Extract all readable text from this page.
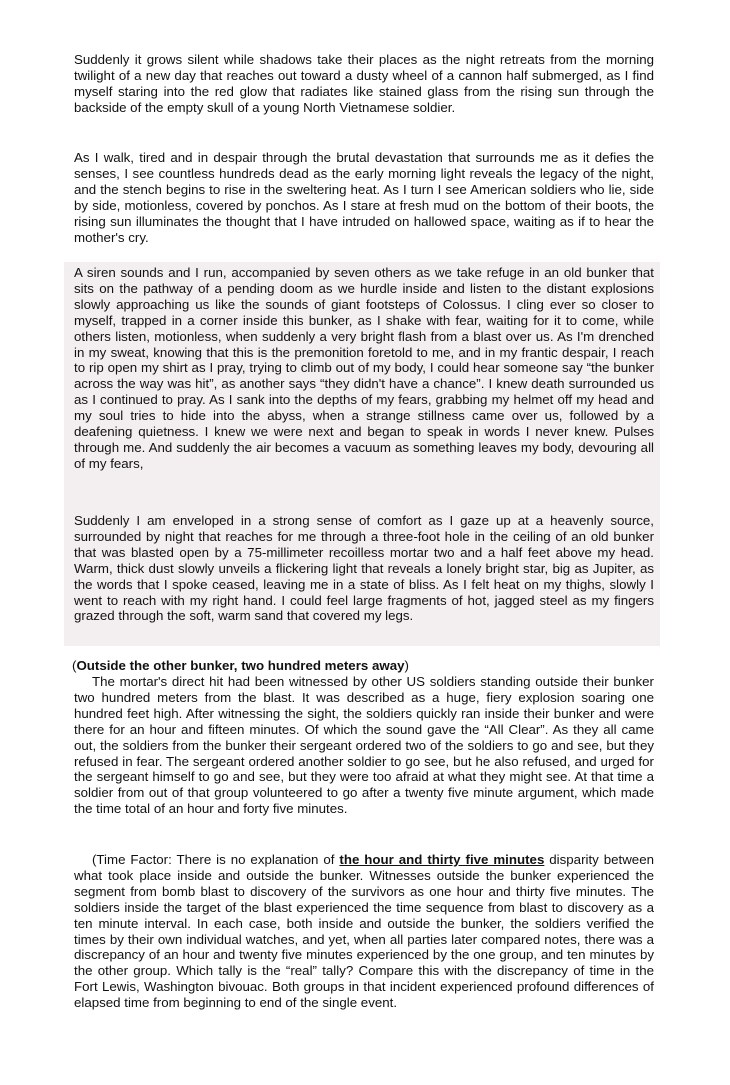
Suddenly it grows silent while shadows take their places as the night retreats from the morning twilight of a new day that reaches out toward a dusty wheel of a cannon half submerged, as I find myself staring into the red glow that radiates like stained glass from the rising sun through the backside of the empty skull of a young North Vietnamese soldier.

As I walk, tired and in despair through the brutal devastation that surrounds me as it defies the senses, I see countless hundreds dead as the early morning light reveals the legacy of the night, and the stench begins to rise in the sweltering heat. As I turn I see American soldiers who lie, side by side, motionless, covered by ponchos. As I stare at fresh mud on the bottom of their boots, the rising sun illuminates the thought that I have intruded on hallowed space, waiting as if to hear the mother's cry.

A siren sounds and I run, accompanied by seven others as we take refuge in an old bunker that sits on the pathway of a pending doom as we hurdle inside and listen to the distant explosions slowly approaching us like the sounds of giant footsteps of Colossus. I cling ever so closer to myself, trapped in a corner inside this bunker, as I shake with fear, waiting for it to come, while others listen, motionless, when suddenly a very bright flash from a blast over us. As I'm drenched in my sweat, knowing that this is the premonition foretold to me, and in my frantic despair, I reach to rip open my shirt as I pray, trying to climb out of my body, I could hear someone say “the bunker across the way was hit”, as another says “they didn't have a chance”. I knew death surrounded us as I continued to pray. As I sank into the depths of my fears, grabbing my helmet off my head and my soul tries to hide into the abyss, when a strange stillness came over us, followed by a deafening quietness. I knew we were next and began to speak in words I never knew. Pulses through me. And suddenly the air becomes a vacuum as something leaves my body, devouring all of my fears,

Suddenly I am enveloped in a strong sense of comfort as I gaze up at a heavenly source, surrounded by night that reaches for me through a three-foot hole in the ceiling of an old bunker that was blasted open by a 75-millimeter recoilless mortar two and a half feet above my head. Warm, thick dust slowly unveils a flickering light that reveals a lonely bright star, big as Jupiter, as the words that I spoke ceased, leaving me in a state of bliss. As I felt heat on my thighs, slowly I went to reach with my right hand. I could feel large fragments of hot, jagged steel as my fingers grazed through the soft, warm sand that covered my legs.

(Outside the other bunker, two hundred meters away)

The mortar's direct hit had been witnessed by other US soldiers standing outside their bunker two hundred meters from the blast. It was described as a huge, fiery explosion soaring one hundred feet high. After witnessing the sight, the soldiers quickly ran inside their bunker and were there for an hour and fifteen minutes. Of which the sound gave the “All Clear”. As they all came out, the soldiers from the bunker their sergeant ordered two of the soldiers to go and see, but they refused in fear. The sergeant ordered another soldier to go see, but he also refused, and urged for the sergeant himself to go and see, but they were too afraid at what they might see. At that time a soldier from out of that group volunteered to go after a twenty five minute argument, which made the time total of an hour and forty five minutes.

(Time Factor: There is no explanation of the hour and thirty five minutes disparity between what took place inside and outside the bunker. Witnesses outside the bunker experienced the segment from bomb blast to discovery of the survivors as one hour and thirty five minutes. The soldiers inside the target of the blast experienced the time sequence from blast to discovery as a ten minute interval. In each case, both inside and outside the bunker, the soldiers verified the times by their own individual watches, and yet, when all parties later compared notes, there was a discrepancy of an hour and twenty five minutes experienced by the one group, and ten minutes by the other group. Which tally is the “real” tally? Compare this with the discrepancy of time in the Fort Lewis, Washington bivouac. Both groups in that incident experienced profound differences of elapsed time from beginning to end of the single event.
